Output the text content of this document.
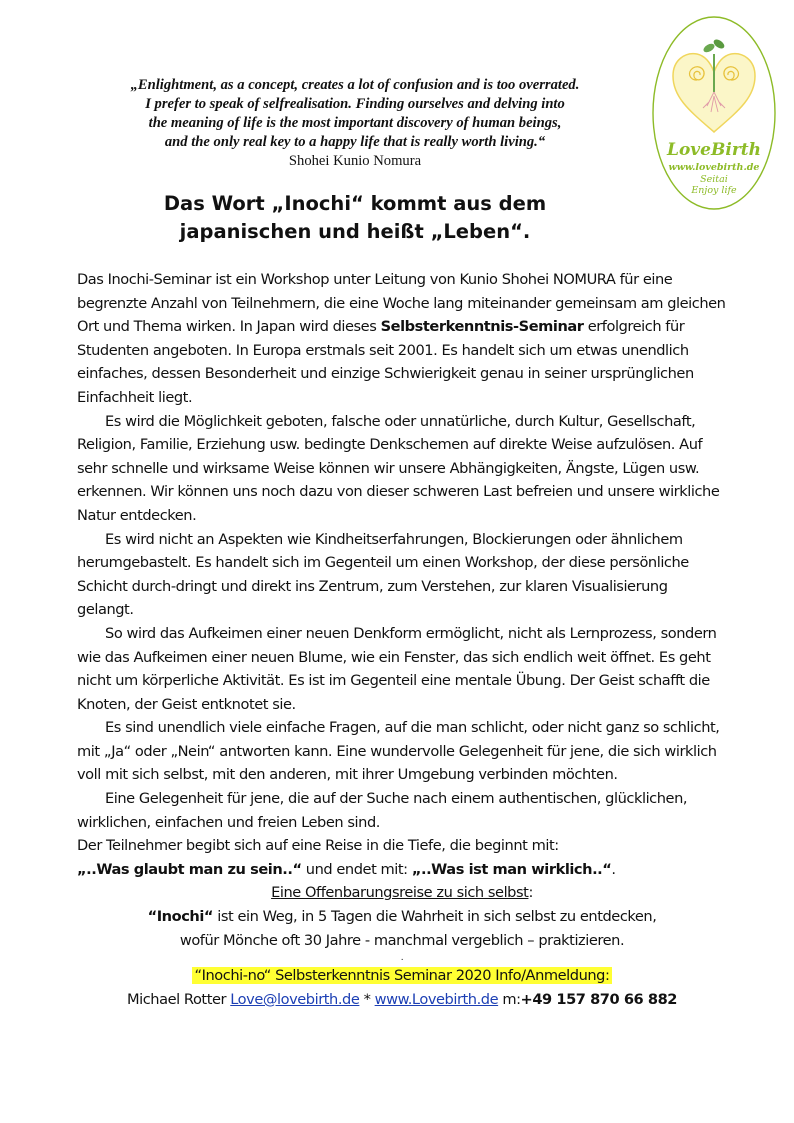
„Enlightment, as a concept, creates a lot of confusion and is too overrated.
I prefer to speak of selfrealisation. Finding ourselves and delving into
the meaning of life is the most important discovery of human beings,
and the only real key to a happy life that is really worth living.“
Shohei Kunio Nomura
LoveBirth
www.lovebirth.de
Seitai
Enjoy life
Das Wort „Inochi“ kommt aus dem
japanischen und heißt „Leben“.

Das Inochi-Seminar ist ein Workshop unter Leitung von Kunio Shohei NOMURA für eine begrenzte Anzahl von Teilnehmern, die eine Woche lang miteinander gemeinsam am gleichen Ort und Thema wirken. In Japan wird dieses Selbsterkenntnis-Seminar erfolgreich für Studenten angeboten. In Europa erstmals seit 2001. Es handelt sich um etwas unendlich einfaches, dessen Besonderheit und einzige Schwierigkeit genau in seiner ursprünglichen Einfachheit liegt.

Es wird die Möglichkeit geboten, falsche oder unnatürliche, durch Kultur, Gesellschaft, Religion, Familie, Erziehung usw. bedingte Denkschemen auf direkte Weise aufzulösen. Auf sehr schnelle und wirksame Weise können wir unsere Abhängigkeiten, Ängste, Lügen usw. erkennen. Wir können uns noch dazu von dieser schweren Last befreien und unsere wirkliche Natur entdecken.

Es wird nicht an Aspekten wie Kindheitserfahrungen, Blockierungen oder ähnlichem herumgebastelt. Es handelt sich im Gegenteil um einen Workshop, der diese persönliche Schicht durch-dringt und direkt ins Zentrum, zum Verstehen, zur klaren Visualisierung gelangt.

So wird das Aufkeimen einer neuen Denkform ermöglicht, nicht als Lernprozess, sondern wie das Aufkeimen einer neuen Blume, wie ein Fenster, das sich endlich weit öffnet. Es geht nicht um körperliche Aktivität. Es ist im Gegenteil eine mentale Übung. Der Geist schafft die Knoten, der Geist entknotet sie.

Es sind unendlich viele einfache Fragen, auf die man schlicht, oder nicht ganz so schlicht, mit „Ja“ oder „Nein“ antworten kann. Eine wundervolle Gelegenheit für jene, die sich wirklich voll mit sich selbst, mit den anderen, mit ihrer Umgebung verbinden möchten.

Eine Gelegenheit für jene, die auf der Suche nach einem authentischen, glücklichen, wirklichen, einfachen und freien Leben sind.

Der Teilnehmer begibt sich auf eine Reise in die Tiefe, die beginnt mit:

„..Was glaubt man zu sein..“ und endet mit: „..Was ist man wirklich..“.

Eine Offenbarungsreise zu sich selbst:

“Inochi“ ist ein Weg, in 5 Tagen die Wahrheit in sich selbst zu entdecken,

wofür Mönche oft 30 Jahre - manchmal vergeblich – praktizieren.

.

“Inochi-no“ Selbsterkenntnis Seminar 2020 Info/Anmeldung:

Michael Rotter Love@lovebirth.de * www.Lovebirth.de m:+49 157 870 66 882
